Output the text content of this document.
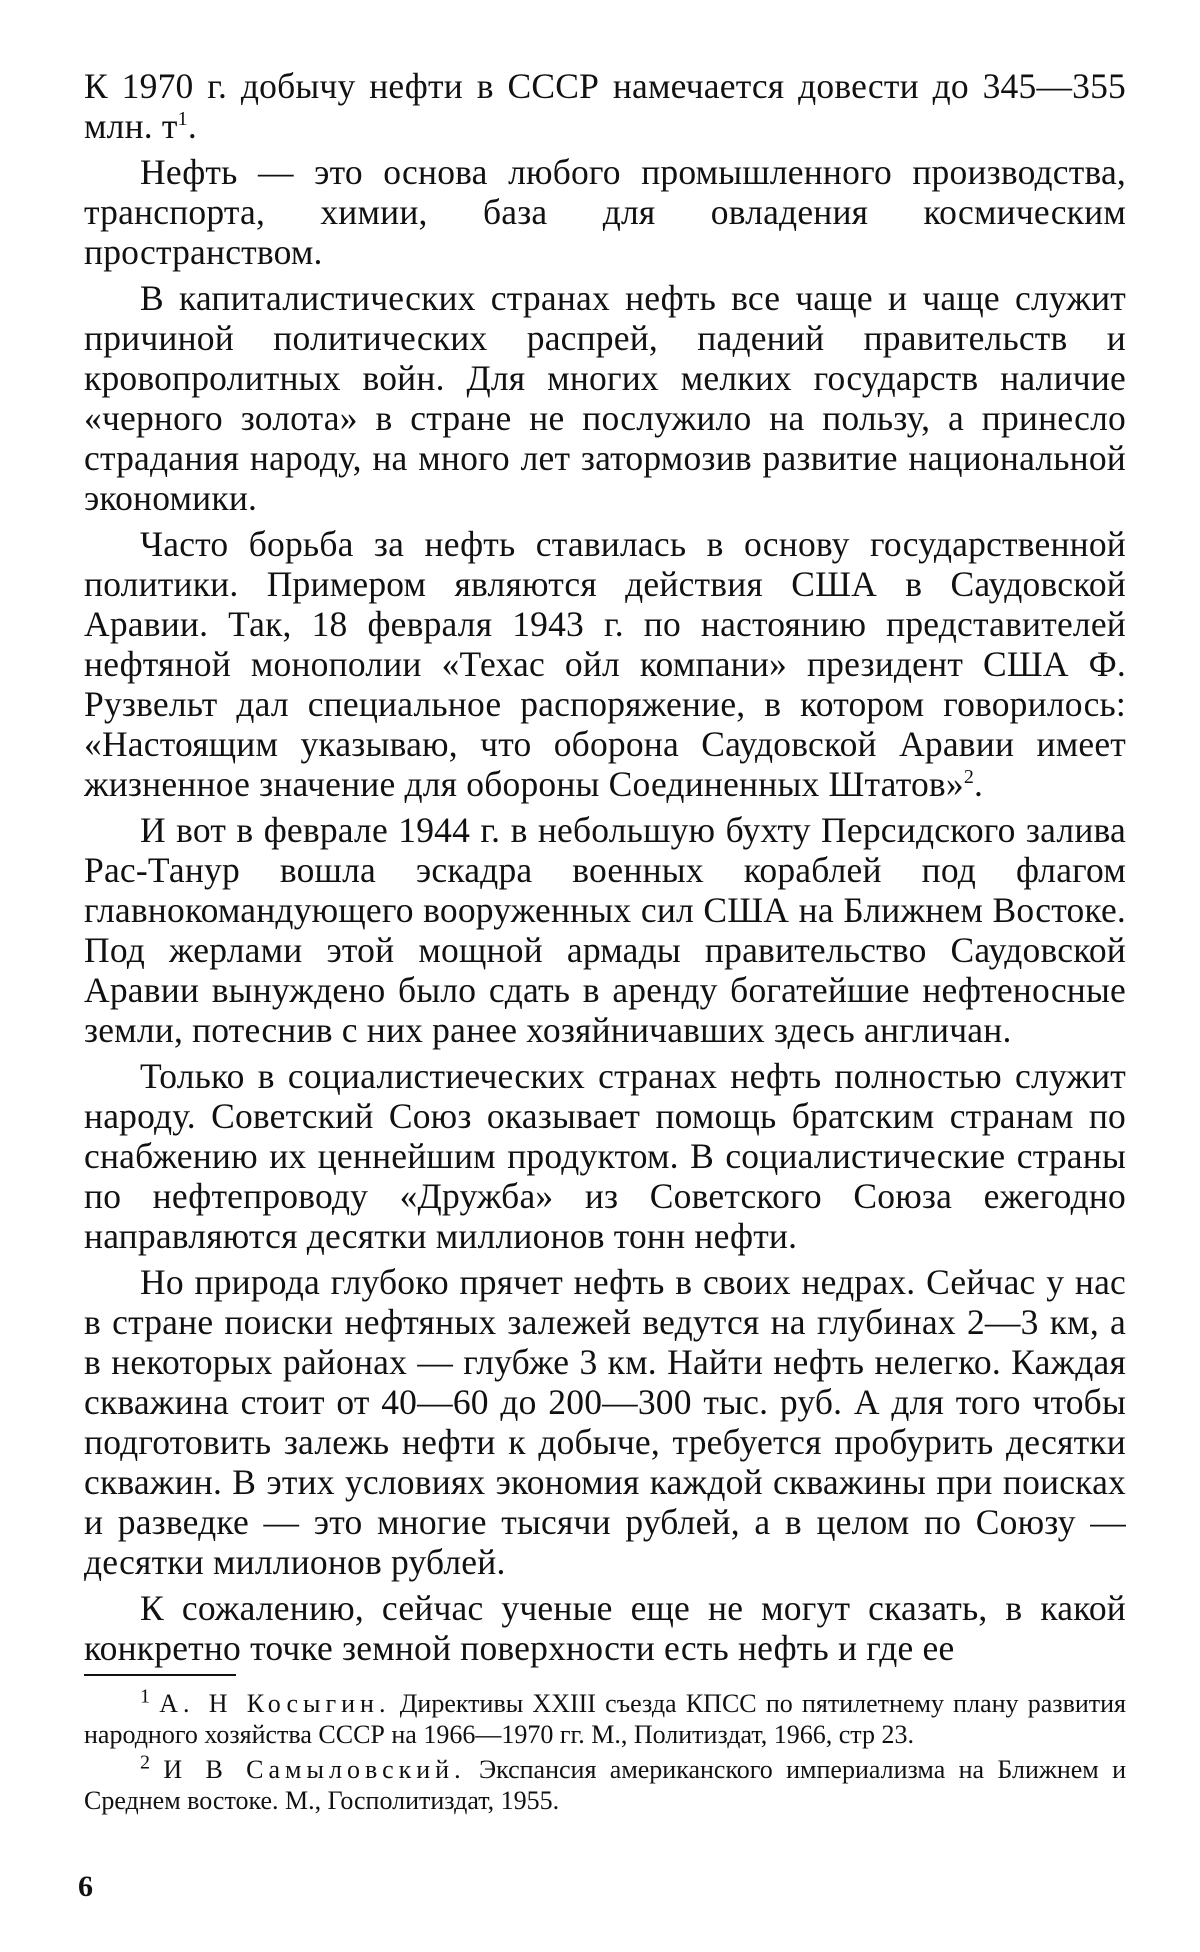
К 1970 г. добычу нефти в СССР намечается довести до 345—355 млн. $т^1$.

Нефть — это основа любого промышленного производства, транспорта, химии, база для овладения космическим пространством.

В капиталистических странах нефть все чаще и чаще служит причиной политических распрей, падений правительств и кровопролитных войн. Для многих мелких государств наличие «черного золота» в стране не послужило на пользу, а принесло страдания народу, на много лет затормозив развитие национальной экономики.

Часто борьба за нефть ставилась в основу государственной политики. Примером являются действия США в Саудовской Аравии. Так, 18 февраля 1943 г. по настоянию представителей нефтяной монополии «Техас ойл компани» президент США Ф. Рузвельт дал специальное распоряжение, в котором говорилось: «Настоящим указываю, что оборона Саудовской Аравии имеет жизненное значение для обороны Соединенных Штатов»$^2$.

И вот в феврале 1944 г. в небольшую бухту Персидского залива Рас-Танур вошла эскадра военных кораблей под флагом главнокомандующего вооруженных сил США на Ближнем Востоке. Под жерлами этой мощной армады правительство Саудовской Аравии вынуждено было сдать в аренду богатейшие нефтеносные земли, потеснив с них ранее хозяйничавших здесь англичан.

Только в социалистиеческих странах нефть полностью служит народу. Советский Союз оказывает помощь братским странам по снабжению их ценнейшим продуктом. В социалистические страны по нефтепроводу «Дружба» из Советского Союза ежегодно направляются десятки миллионов тонн нефти.

Но природа глубоко прячет нефть в своих недрах. Сейчас у нас в стране поиски нефтяных залежей ведутся на глубинах 2—3 км, а в некоторых районах — глубже 3 км. Найти нефть нелегко. Каждая скважина стоит от 40—60 до 200—300 тыс. руб. А для того чтобы подготовить залежь нефти к добыче, требуется пробурить десятки скважин. В этих условиях экономия каждой скважины при поисках и разведке — это многие тысячи рублей, а в целом по Союзу — десятки миллионов рублей.

К сожалению, сейчас ученые еще не могут сказать, в какой конкретно точке земной поверхности есть нефть и где ее

$^1$ А. Н Косыгин. Директивы XXIII съезда КПСС по пятилетнему плану развития народного хозяйства СССР на 1966—1970 гг. М., Политиздат, 1966, стр 23.

$^2$ И В Самыловский. Экспансия американского империализма на Ближнем и Среднем востоке. М., Госполитиздат, 1955.

6
